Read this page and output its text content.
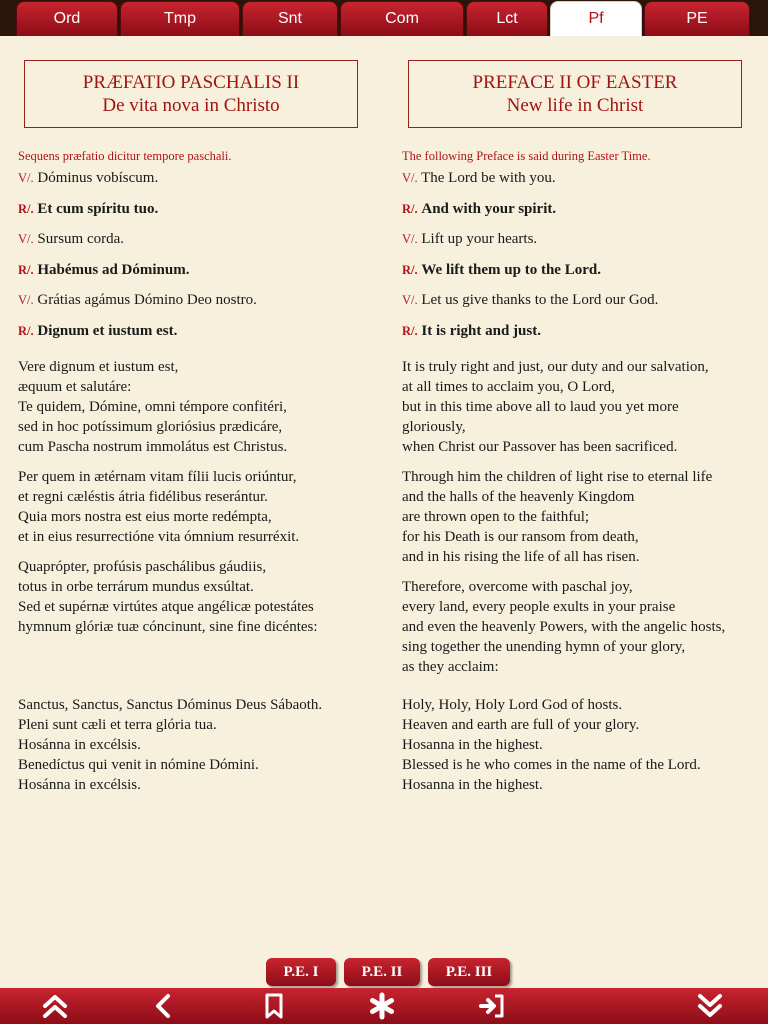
Ord	Tmp	Snt	Com	Lct	Pf	PE
PRÆFATIO PASCHALIS II
De vita nova in Christo
Sequens præfatio dicitur tempore paschali.
V/. Dóminus vobíscum.
R/. Et cum spíritu tuo.
V/. Sursum corda.
R/. Habémus ad Dóminum.
V/. Grátias agámus Dómino Deo nostro.
R/. Dignum et iustum est.
Vere dignum et iustum est,
æquum et salutáre:
Te quidem, Dómine, omni témpore confitéri,
sed in hoc potíssimum gloriósius prædicáre,
cum Pascha nostrum immolátus est Christus.
Per quem in ætérnam vitam fílii lucis oriúntur,
et regni cæléstis átria fidélibus reserántur.
Quia mors nostra est eius morte redémpta,
et in eius resurrectióne vita ómnium resurréxit.
Quaprópter, profúsis paschálibus gáudiis,
totus in orbe terrárum mundus exsúltat.
Sed et supérnæ virtútes atque angélicæ potestátes
hymnum glóriæ tuæ cóncinunt, sine fine dicéntes:
Sanctus, Sanctus, Sanctus Dóminus Deus Sábaoth.
Pleni sunt cæli et terra glória tua.
Hosánna in excélsis.
Benedíctus qui venit in nómine Dómini.
Hosánna in excélsis.
PREFACE II OF EASTER
New life in Christ
The following Preface is said during Easter Time.
V/. The Lord be with you.
R/. And with your spirit.
V/. Lift up your hearts.
R/. We lift them up to the Lord.
V/. Let us give thanks to the Lord our God.
R/. It is right and just.
It is truly right and just, our duty and our salvation,
at all times to acclaim you, O Lord,
but in this time above all to laud you yet more
gloriously,
when Christ our Passover has been sacrificed.
Through him the children of light rise to eternal life
and the halls of the heavenly Kingdom
are thrown open to the faithful;
for his Death is our ransom from death,
and in his rising the life of all has risen.
Therefore, overcome with paschal joy,
every land, every people exults in your praise
and even the heavenly Powers, with the angelic hosts,
sing together the unending hymn of your glory,
as they acclaim:
Holy, Holy, Holy Lord God of hosts.
Heaven and earth are full of your glory.
Hosanna in the highest.
Blessed is he who comes in the name of the Lord.
Hosanna in the highest.
P.E. I	P.E. II	P.E. III
